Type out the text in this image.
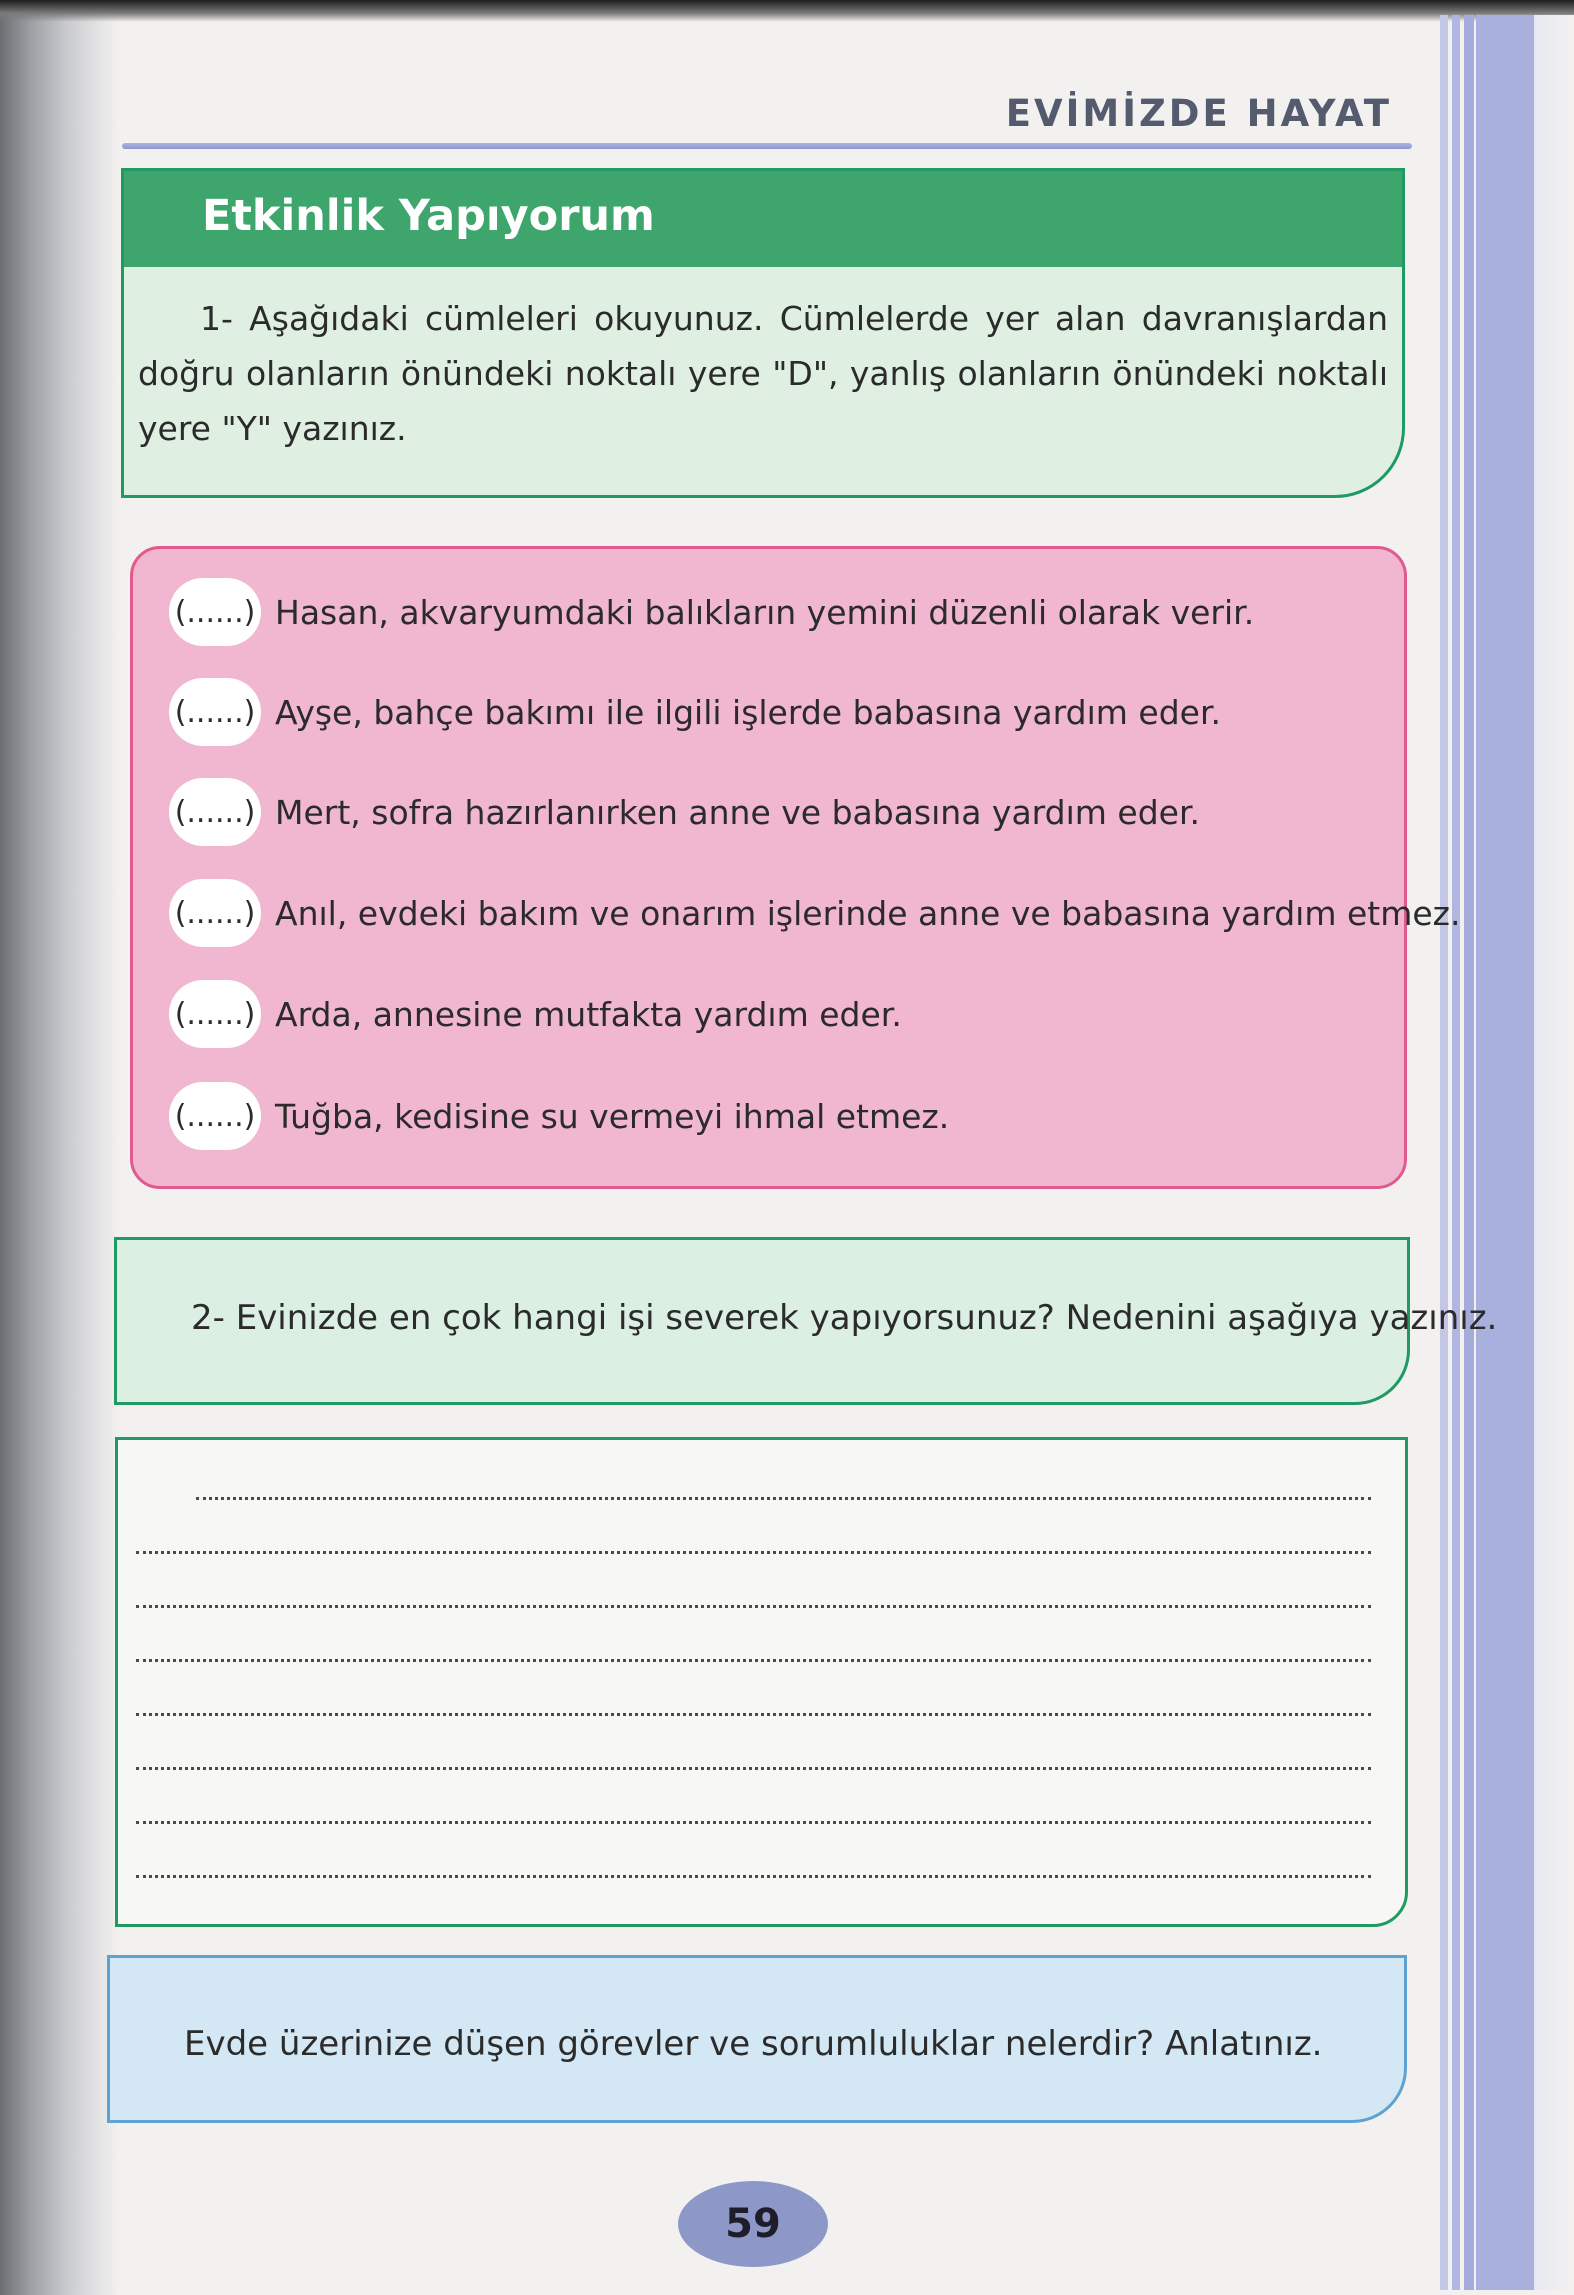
EVİMİZDE HAYAT
Etkinlik Yapıyorum
1- Aşağıdaki cümleleri okuyunuz. Cümlelerde yer alan davranışlardan doğru olanların önündeki noktalı yere "D", yanlış olanların önündeki noktalı yere "Y" yazınız.
(......) Hasan, akvaryumdaki balıkların yemini düzenli olarak verir.
(......) Ayşe, bahçe bakımı ile ilgili işlerde babasına yardım eder.
(......) Mert, sofra hazırlanırken anne ve babasına yardım eder.
(......) Anıl, evdeki bakım ve onarım işlerinde anne ve babasına yardım etmez.
(......) Arda, annesine mutfakta yardım eder.
(......) Tuğba, kedisine su vermeyi ihmal etmez.
2- Evinizde en çok hangi işi severek yapıyorsunuz? Nedenini aşağıya yazınız.
Evde üzerinize düşen görevler ve sorumluluklar nelerdir? Anlatınız.
59
